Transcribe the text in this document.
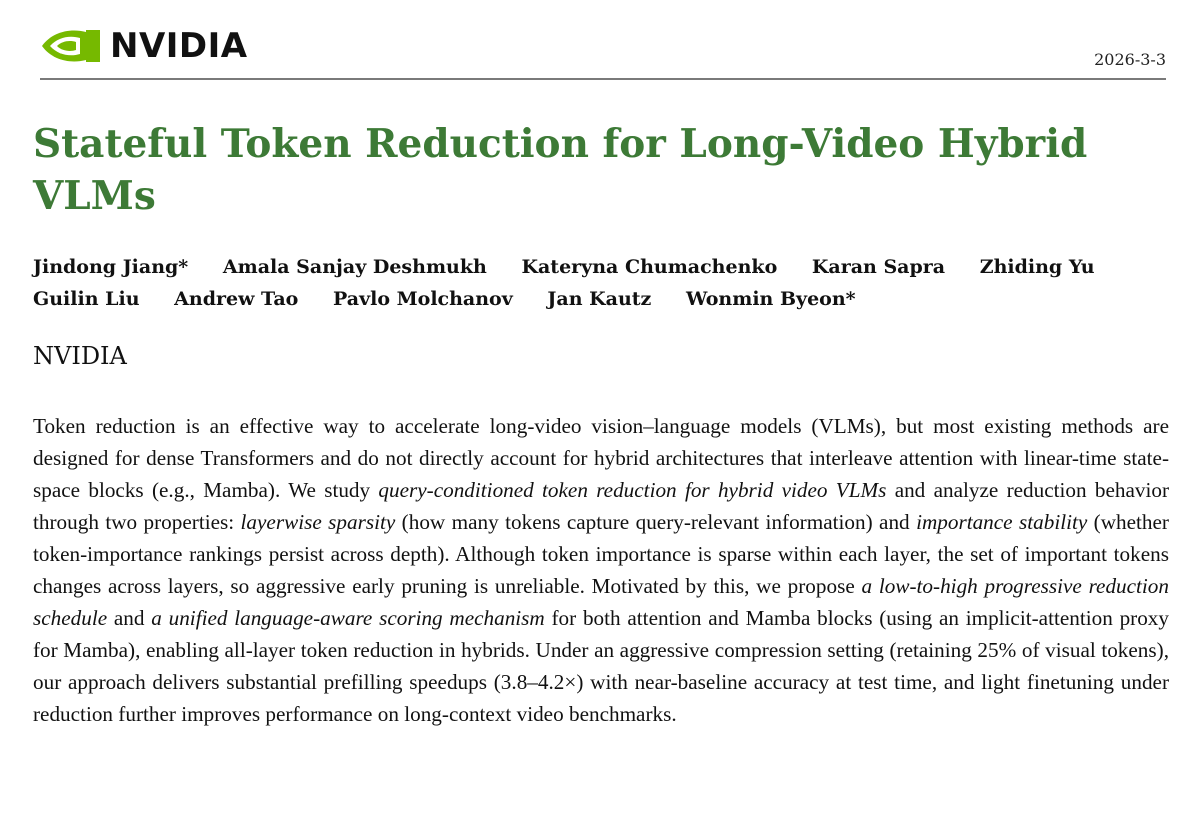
NVIDIA	2026-3-3
Stateful Token Reduction for Long-Video Hybrid VLMs
Jindong Jiang* Amala Sanjay Deshmukh Kateryna Chumachenko Karan Sapra Zhiding Yu Guilin Liu Andrew Tao Pavlo Molchanov Jan Kautz Wonmin Byeon*
NVIDIA

Token reduction is an effective way to accelerate long-video vision–language models (VLMs), but most existing methods are designed for dense Transformers and do not directly account for hybrid architectures that interleave attention with linear-time state-space blocks (e.g., Mamba). We study query-conditioned token reduction for hybrid video VLMs and analyze reduction behavior through two properties: layerwise sparsity (how many tokens capture query-relevant information) and importance stability (whether token-importance rankings persist across depth). Although token importance is sparse within each layer, the set of important tokens changes across layers, so aggressive early pruning is unreliable. Motivated by this, we propose a low-to-high progressive reduction schedule and a unified language-aware scoring mechanism for both attention and Mamba blocks (using an implicit-attention proxy for Mamba), enabling all-layer token reduction in hybrids. Under an aggressive compression setting (retaining 25% of visual tokens), our approach delivers substantial prefilling speedups (3.8–4.2×) with near-baseline accuracy at test time, and light finetuning under reduction further improves performance on long-context video benchmarks.
